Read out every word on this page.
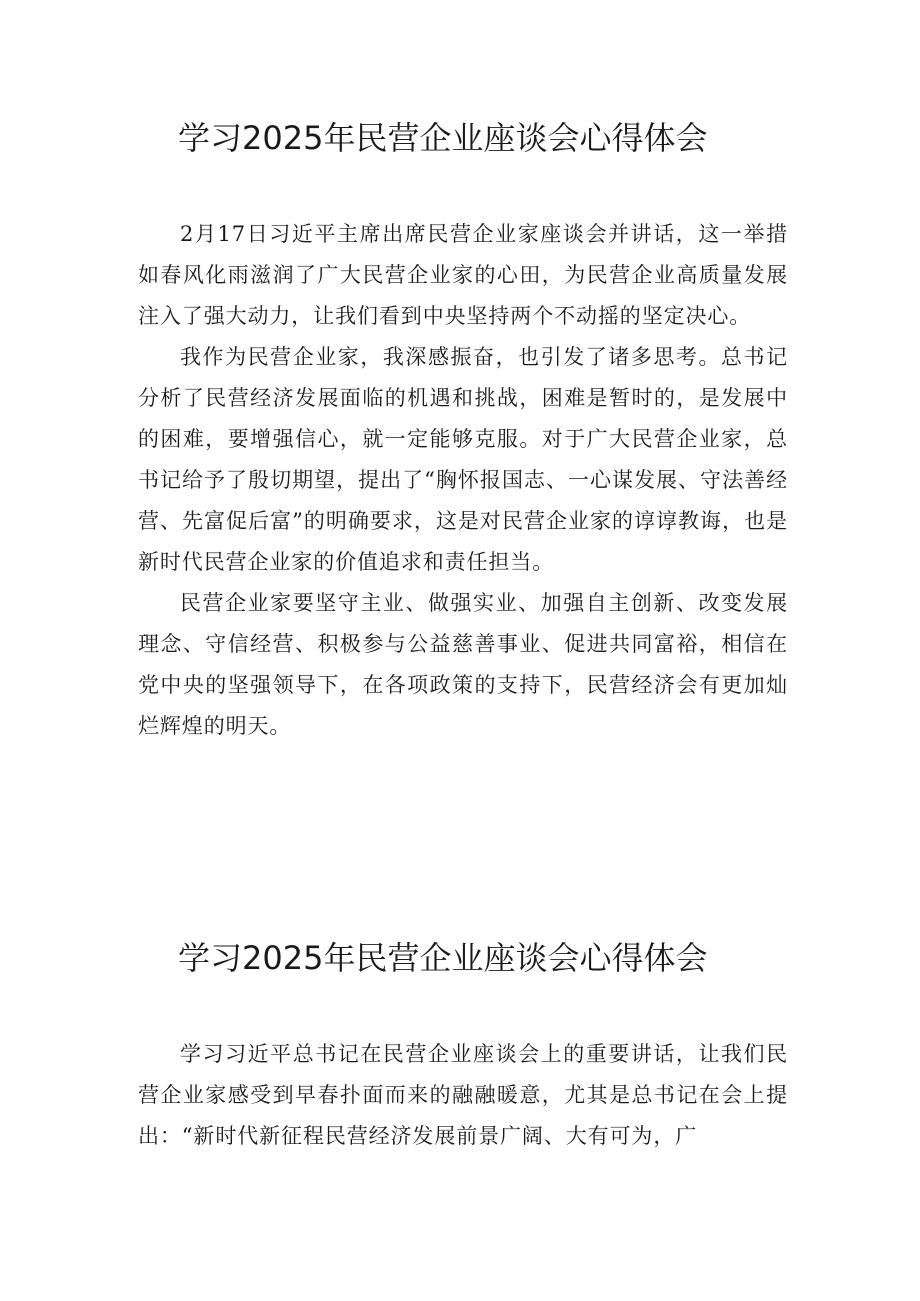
学习2025年民营企业座谈会心得体会

2月17日习近平主席出席民营企业家座谈会并讲话，这一举措如春风化雨滋润了广大民营企业家的心田，为民营企业高质量发展注入了强大动力，让我们看到中央坚持两个不动摇的坚定决心。

我作为民营企业家，我深感振奋，也引发了诸多思考。总书记分析了民营经济发展面临的机遇和挑战，困难是暂时的，是发展中的困难，要增强信心，就一定能够克服。对于广大民营企业家，总书记给予了殷切期望，提出了“胸怀报国志、一心谋发展、守法善经营、先富促后富”的明确要求，这是对民营企业家的谆谆教诲，也是新时代民营企业家的价值追求和责任担当。

民营企业家要坚守主业、做强实业、加强自主创新、改变发展理念、守信经营、积极参与公益慈善事业、促进共同富裕，相信在党中央的坚强领导下，在各项政策的支持下，民营经济会有更加灿烂辉煌的明天。

学习2025年民营企业座谈会心得体会

学习习近平总书记在民营企业座谈会上的重要讲话，让我们民营企业家感受到早春扑面而来的融融暖意，尤其是总书记在会上提出：“新时代新征程民营经济发展前景广阔、大有可为，广
